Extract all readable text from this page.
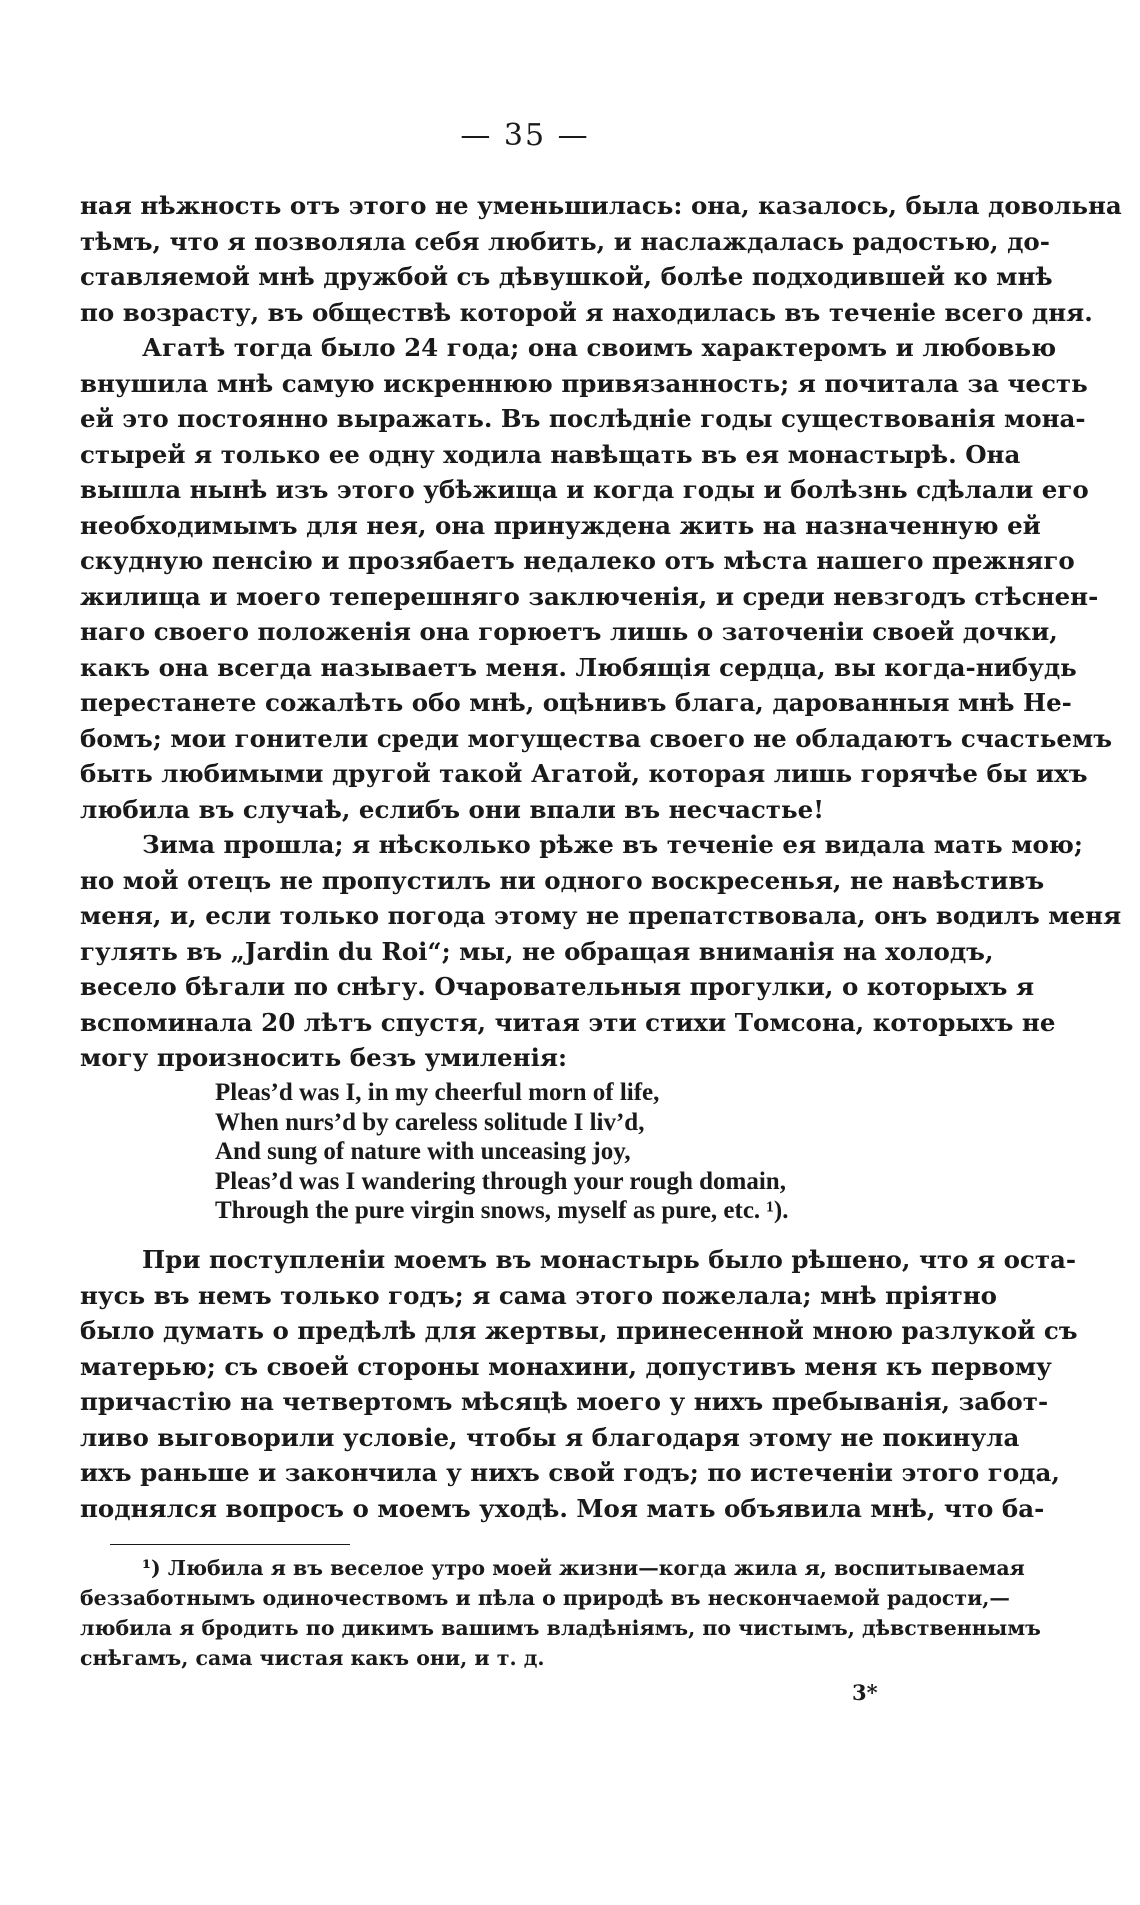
— 35 —
ная нѣжность отъ этого не уменьшилась: она, казалось, была довольна
тѣмъ, что я позволяла себя любить, и наслаждалась радостью, до-
ставляемой мнѣ дружбой съ дѣвушкой, болѣе подходившей ко мнѣ
по возрасту, въ обществѣ которой я находилась въ теченіе всего дня.
Агатѣ тогда было 24 года; она своимъ характеромъ и любовью
внушила мнѣ самую искреннюю привязанность; я почитала за честь
ей это постоянно выражать. Въ послѣдніе годы существованія мона-
стырей я только ее одну ходила навѣщать въ ея монастырѣ. Она
вышла нынѣ изъ этого убѣжища и когда годы и болѣзнь сдѣлали его
необходимымъ для нея, она принуждена жить на назначенную ей
скудную пенсію и прозябаетъ недалеко отъ мѣста нашего прежняго
жилища и моего теперешняго заключенія, и среди невзгодъ стѣснен-
наго своего положенія она горюетъ лишь о заточеніи своей дочки,
какъ она всегда называетъ меня. Любящія сердца, вы когда-нибудь
перестанете сожалѣть обо мнѣ, оцѣнивъ блага, дарованныя мнѣ Не-
бомъ; мои гонители среди могущества своего не обладаютъ счастьемъ
быть любимыми другой такой Агатой, которая лишь горячѣе бы ихъ
любила въ случаѣ, еслибъ они впали въ несчастье!
Зима прошла; я нѣсколько рѣже въ теченіе ея видала мать мою;
но мой отецъ не пропустилъ ни одного воскресенья, не навѣстивъ
меня, и, если только погода этому не препатствовала, онъ водилъ меня
гулять въ „Jardin du Roi“; мы, не обращая вниманія на холодъ,
весело бѣгали по снѣгу. Очаровательныя прогулки, о которыхъ я
вспоминала 20 лѣтъ спустя, читая эти стихи Томсона, которыхъ не
могу произносить безъ умиленія:
Pleas’d was I, in my cheerful morn of life,
When nurs’d by careless solitude I liv’d,
And sung of nature with unceasing joy,
Pleas’d was I wandering through your rough domain,
Through the pure virgin snows, myself as pure, etc. ¹).
При поступленіи моемъ въ монастырь было рѣшено, что я оста-
нусь въ немъ только годъ; я сама этого пожелала; мнѣ пріятно
было думать о предѣлѣ для жертвы, принесенной мною разлукой съ
матерью; съ своей стороны монахини, допустивъ меня къ первому
причастію на четвертомъ мѣсяцѣ моего у нихъ пребыванія, забот-
ливо выговорили условіе, чтобы я благодаря этому не покинула
ихъ раньше и закончила у нихъ свой годъ; по истеченіи этого года,
поднялся вопросъ о моемъ уходѣ. Моя мать объявила мнѣ, что ба-
¹) Любила я въ веселое утро моей жизни—когда жила я, воспитываемая
беззаботнымъ одиночествомъ и пѣла о природѣ въ нескончаемой радости,—
любила я бродить по дикимъ вашимъ владѣніямъ, по чистымъ, дѣвственнымъ
снѣгамъ, сама чистая какъ они, и т. д.
3*
